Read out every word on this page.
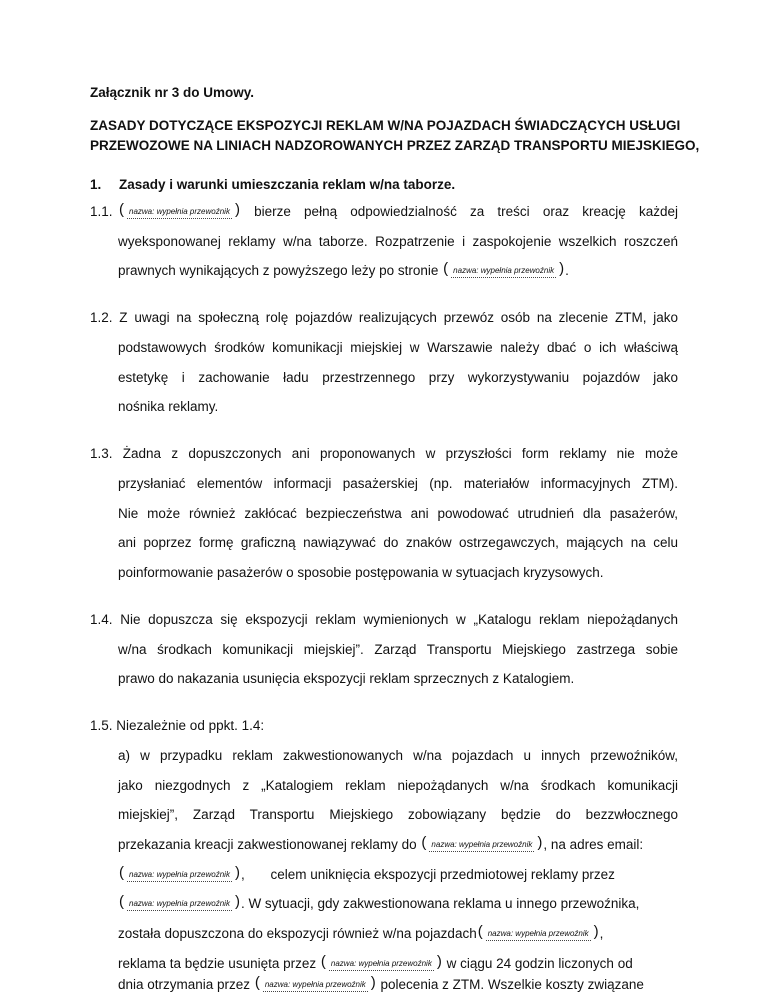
Załącznik nr 3 do Umowy.
ZASADY DOTYCZĄCE EKSPOZYCJI REKLAM W/NA POJAZDACH ŚWIADCZĄCYCH USŁUGI
PRZEWOZOWE NA LINIACH NADZOROWANYCH PRZEZ ZARZĄD TRANSPORTU MIEJSKIEGO,
1. Zasady i warunki umieszczania reklam w/na taborze.
1.1.	( nazwa: wypełnia przewoźnik ) bierze pełną odpowiedzialność za treści oraz kreację każdej
wyeksponowanej reklamy w/na taborze. Rozpatrzenie i zaspokojenie wszelkich roszczeń
prawnych wynikających z powyższego leży po stronie ( nazwa: wypełnia przewoźnik ) .
1.2. Z uwagi na społeczną rolę pojazdów realizujących przewóz osób na zlecenie ZTM, jako
podstawowych środków komunikacji miejskiej w Warszawie należy dbać o ich właściwą
estetykę i zachowanie ładu przestrzennego przy wykorzystywaniu pojazdów jako
nośnika reklamy.
1.3. Żadna z dopuszczonych ani proponowanych w przyszłości form reklamy nie może
przysłaniać elementów informacji pasażerskiej (np. materiałów informacyjnych ZTM).
Nie może również zakłócać bezpieczeństwa ani powodować utrudnień dla pasażerów,
ani poprzez formę graficzną nawiązywać do znaków ostrzegawczych, mających na celu
poinformowanie pasażerów o sposobie postępowania w sytuacjach kryzysowych.
1.4. Nie dopuszcza się ekspozycji reklam wymienionych w „Katalogu reklam niepożądanych
w/na środkach komunikacji miejskiej”. Zarząd Transportu Miejskiego zastrzega sobie
prawo do nakazania usunięcia ekspozycji reklam sprzecznych z Katalogiem.
1.5. Niezależnie od ppkt. 1.4:
a) w przypadku reklam zakwestionowanych w/na pojazdach u innych przewoźników,
jako niezgodnych z „Katalogiem reklam niepożądanych w/na środkach komunikacji
miejskiej”, Zarząd Transportu Miejskiego zobowiązany będzie do bezzwłocznego
przekazania kreacji zakwestionowanej reklamy do ( nazwa: wypełnia przewoźnik ) , na adres email:
( nazwa: wypełnia przewoźnik ) , celem uniknięcia ekspozycji przedmiotowej reklamy przez
( nazwa: wypełnia przewoźnik ) . W sytuacji, gdy zakwestionowana reklama u innego przewoźnika,
została dopuszczona do ekspozycji również w/na pojazdach ( nazwa: wypełnia przewoźnik ) ,
reklama ta będzie usunięta przez ( nazwa: wypełnia przewoźnik ) w ciągu 24 godzin liczonych od
dnia otrzymania przez ( nazwa: wypełnia przewoźnik ) polecenia z ZTM. Wszelkie koszty związane
